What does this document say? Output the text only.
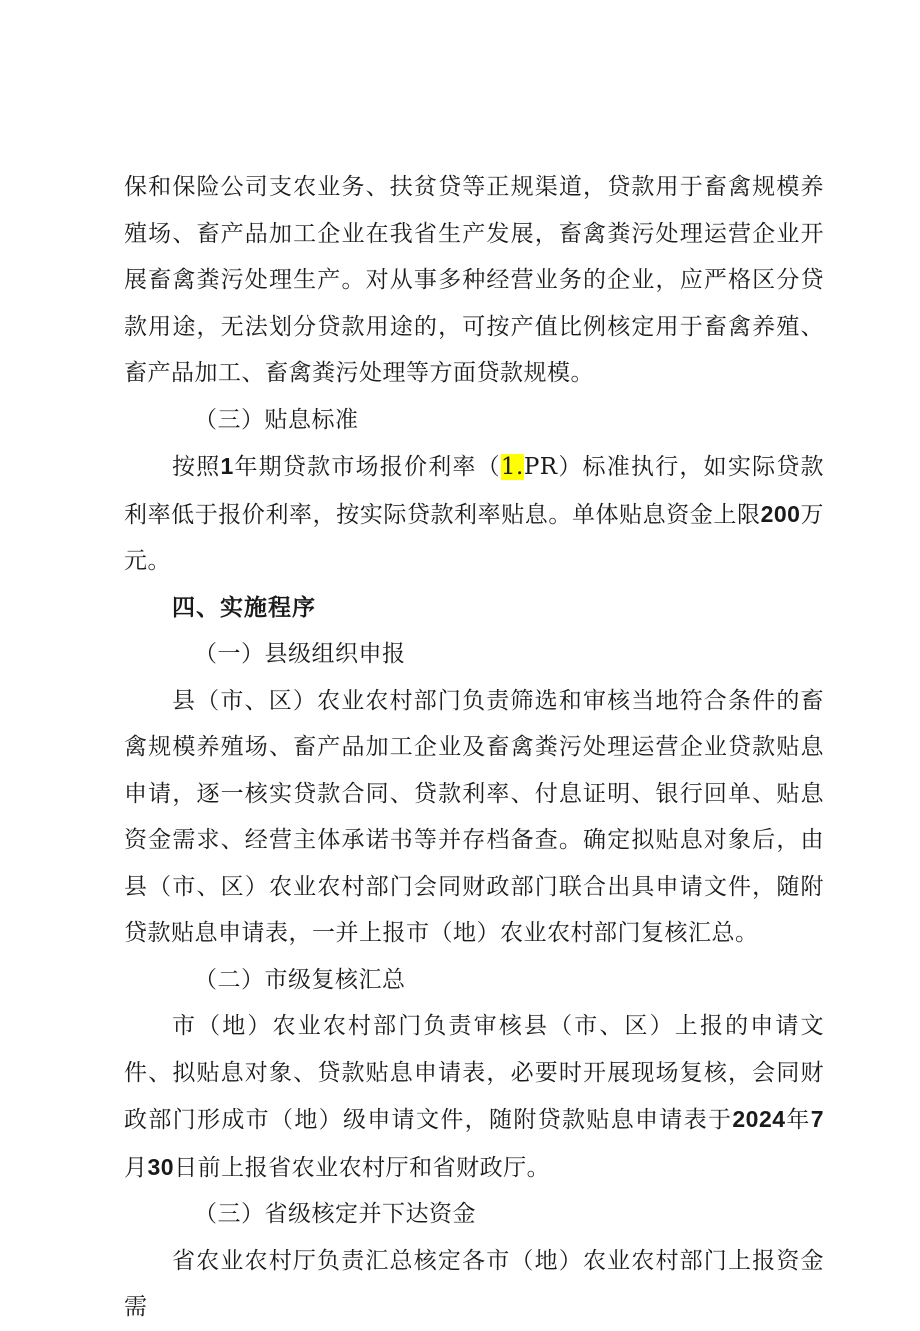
保和保险公司支农业务、扶贫贷等正规渠道，贷款用于畜禽规模养殖场、畜产品加工企业在我省生产发展，畜禽粪污处理运营企业开展畜禽粪污处理生产。对从事多种经营业务的企业，应严格区分贷款用途，无法划分贷款用途的，可按产值比例核定用于畜禽养殖、畜产品加工、畜禽粪污处理等方面贷款规模。

（三）贴息标准

按照1年期贷款市场报价利率（1.PR）标准执行，如实际贷款利率低于报价利率，按实际贷款利率贴息。单体贴息资金上限200万元。

四、实施程序

（一）县级组织申报

县（市、区）农业农村部门负责筛选和审核当地符合条件的畜禽规模养殖场、畜产品加工企业及畜禽粪污处理运营企业贷款贴息申请，逐一核实贷款合同、贷款利率、付息证明、银行回单、贴息资金需求、经营主体承诺书等并存档备查。确定拟贴息对象后，由县（市、区）农业农村部门会同财政部门联合出具申请文件，随附贷款贴息申请表，一并上报市（地）农业农村部门复核汇总。

（二）市级复核汇总

市（地）农业农村部门负责审核县（市、区）上报的申请文件、拟贴息对象、贷款贴息申请表，必要时开展现场复核，会同财政部门形成市（地）级申请文件，随附贷款贴息申请表于2024年7月30日前上报省农业农村厅和省财政厅。

（三）省级核定并下达资金

省农业农村厅负责汇总核定各市（地）农业农村部门上报资金需
